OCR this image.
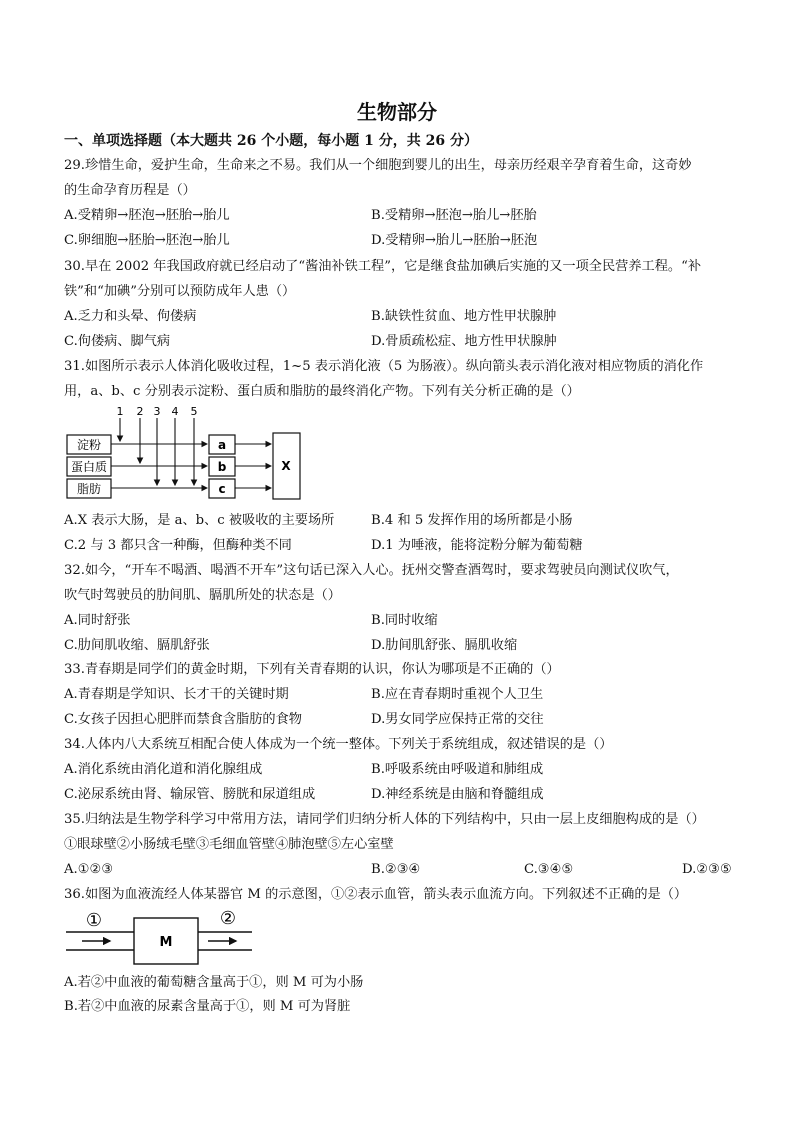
生物部分
一、单项选择题（本大题共 26 个小题，每小题 1 分，共 26 分）
29.珍惜生命，爱护生命，生命来之不易。我们从一个细胞到婴儿的出生，母亲历经艰辛孕育着生命，这奇妙
的生命孕育历程是（）
A.受精卵→胚泡→胚胎→胎儿	B.受精卵→胚泡→胎儿→胚胎
C.卵细胞→胚胎→胚泡→胎儿	D.受精卵→胎儿→胚胎→胚泡
30.早在 2002 年我国政府就已经启动了“酱油补铁工程”，它是继食盐加碘后实施的又一项全民营养工程。“补
铁”和“加碘”分别可以预防成年人患（）
A.乏力和头晕、佝偻病	B.缺铁性贫血、地方性甲状腺肿
C.佝偻病、脚气病	D.骨质疏松症、地方性甲状腺肿
31.如图所示表示人体消化吸收过程，1~5 表示消化液（5 为肠液）。纵向箭头表示消化液对相应物质的消化作
用，a、b、c 分别表示淀粉、蛋白质和脂肪的最终消化产物。下列有关分析正确的是（）
1 2 3 4 5
淀粉
蛋白质
脂肪
a
b
c
X
A.X 表示大肠，是 a、b、c 被吸收的主要场所	B.4 和 5 发挥作用的场所都是小肠
C.2 与 3 都只含一种酶，但酶种类不同	D.1 为唾液，能将淀粉分解为葡萄糖
32.如今，“开车不喝酒、喝酒不开车”这句话已深入人心。抚州交警查酒驾时，要求驾驶员向测试仪吹气，
吹气时驾驶员的肋间肌、膈肌所处的状态是（）
A.同时舒张	B.同时收缩
C.肋间肌收缩、膈肌舒张	D.肋间肌舒张、膈肌收缩
33.青春期是同学们的黄金时期，下列有关青春期的认识，你认为哪项是不正确的（）
A.青春期是学知识、长才干的关键时期	B.应在青春期时重视个人卫生
C.女孩子因担心肥胖而禁食含脂肪的食物	D.男女同学应保持正常的交往
34.人体内八大系统互相配合使人体成为一个统一整体。下列关于系统组成，叙述错误的是（）
A.消化系统由消化道和消化腺组成	B.呼吸系统由呼吸道和肺组成
C.泌尿系统由肾、输尿管、膀胱和尿道组成	D.神经系统是由脑和脊髓组成
35.归纳法是生物学科学习中常用方法，请同学们归纳分析人体的下列结构中，只由一层上皮细胞构成的是（）
①眼球壁②小肠绒毛壁③毛细血管壁④肺泡壁⑤左心室壁
A.①②③	B.②③④	C.③④⑤	D.②③⑤
36.如图为血液流经人体某器官 M 的示意图，①②表示血管，箭头表示血流方向。下列叙述不正确的是（）
①	②
M
A.若②中血液的葡萄糖含量高于①，则 M 可为小肠
B.若②中血液的尿素含量高于①，则 M 可为肾脏
